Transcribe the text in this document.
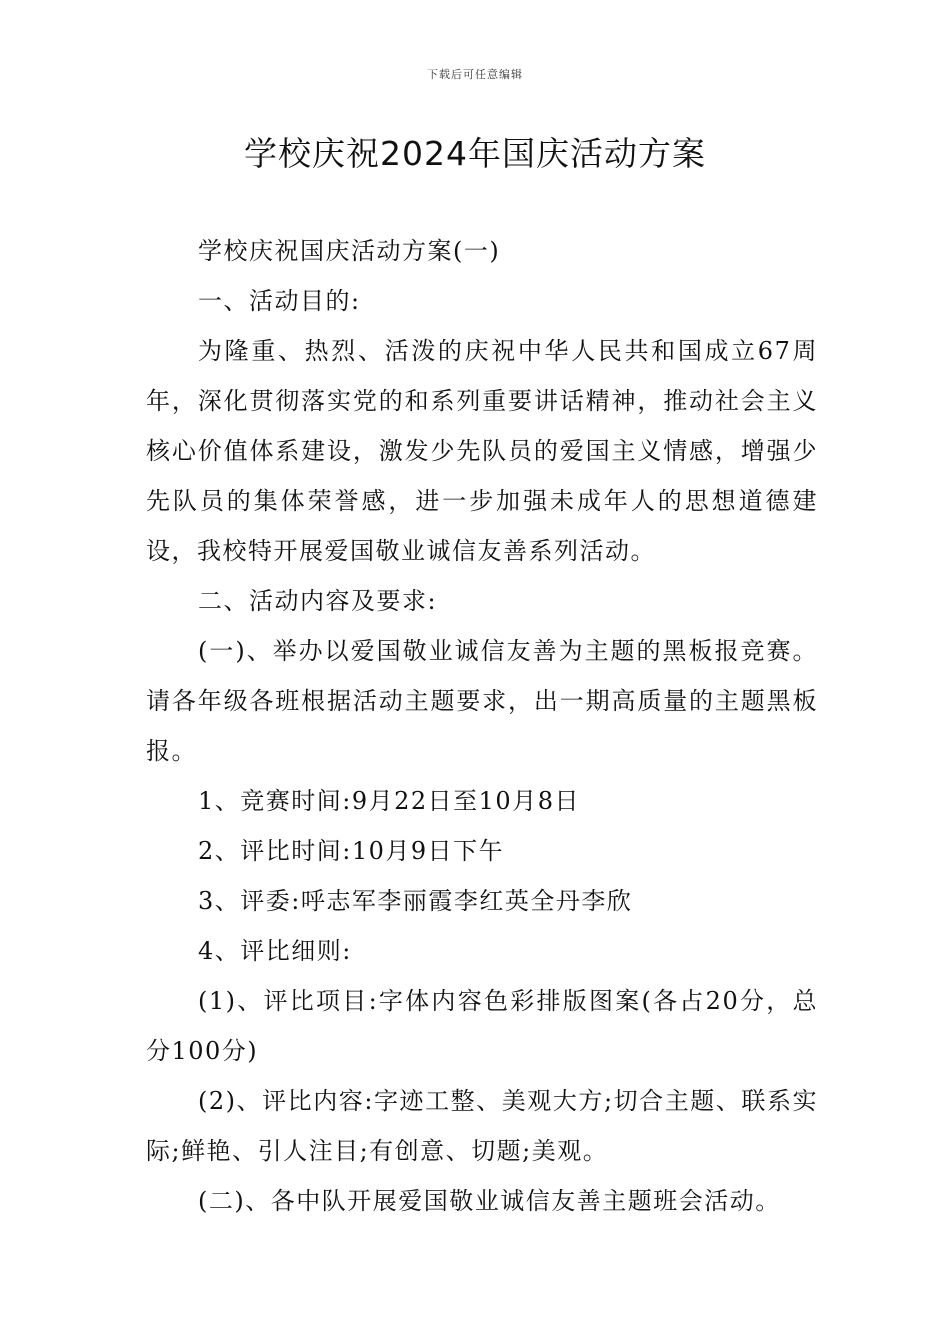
下载后可任意编辑
学校庆祝2024年国庆活动方案

学校庆祝国庆活动方案(一)

一、活动目的:

为隆重、热烈、活泼的庆祝中华人民共和国成立67周年，深化贯彻落实党的和系列重要讲话精神，推动社会主义核心价值体系建设，激发少先队员的爱国主义情感，增强少先队员的集体荣誉感，进一步加强未成年人的思想道德建设，我校特开展爱国敬业诚信友善系列活动。

二、活动内容及要求:

(一)、举办以爱国敬业诚信友善为主题的黑板报竞赛。请各年级各班根据活动主题要求，出一期高质量的主题黑板报。

1、竞赛时间:9月22日至10月8日

2、评比时间:10月9日下午

3、评委:呼志军李丽霞李红英全丹李欣

4、评比细则:

(1)、评比项目:字体内容色彩排版图案(各占20分，总分100分)

(2)、评比内容:字迹工整、美观大方;切合主题、联系实际;鲜艳、引人注目;有创意、切题;美观。

(二)、各中队开展爱国敬业诚信友善主题班会活动。
